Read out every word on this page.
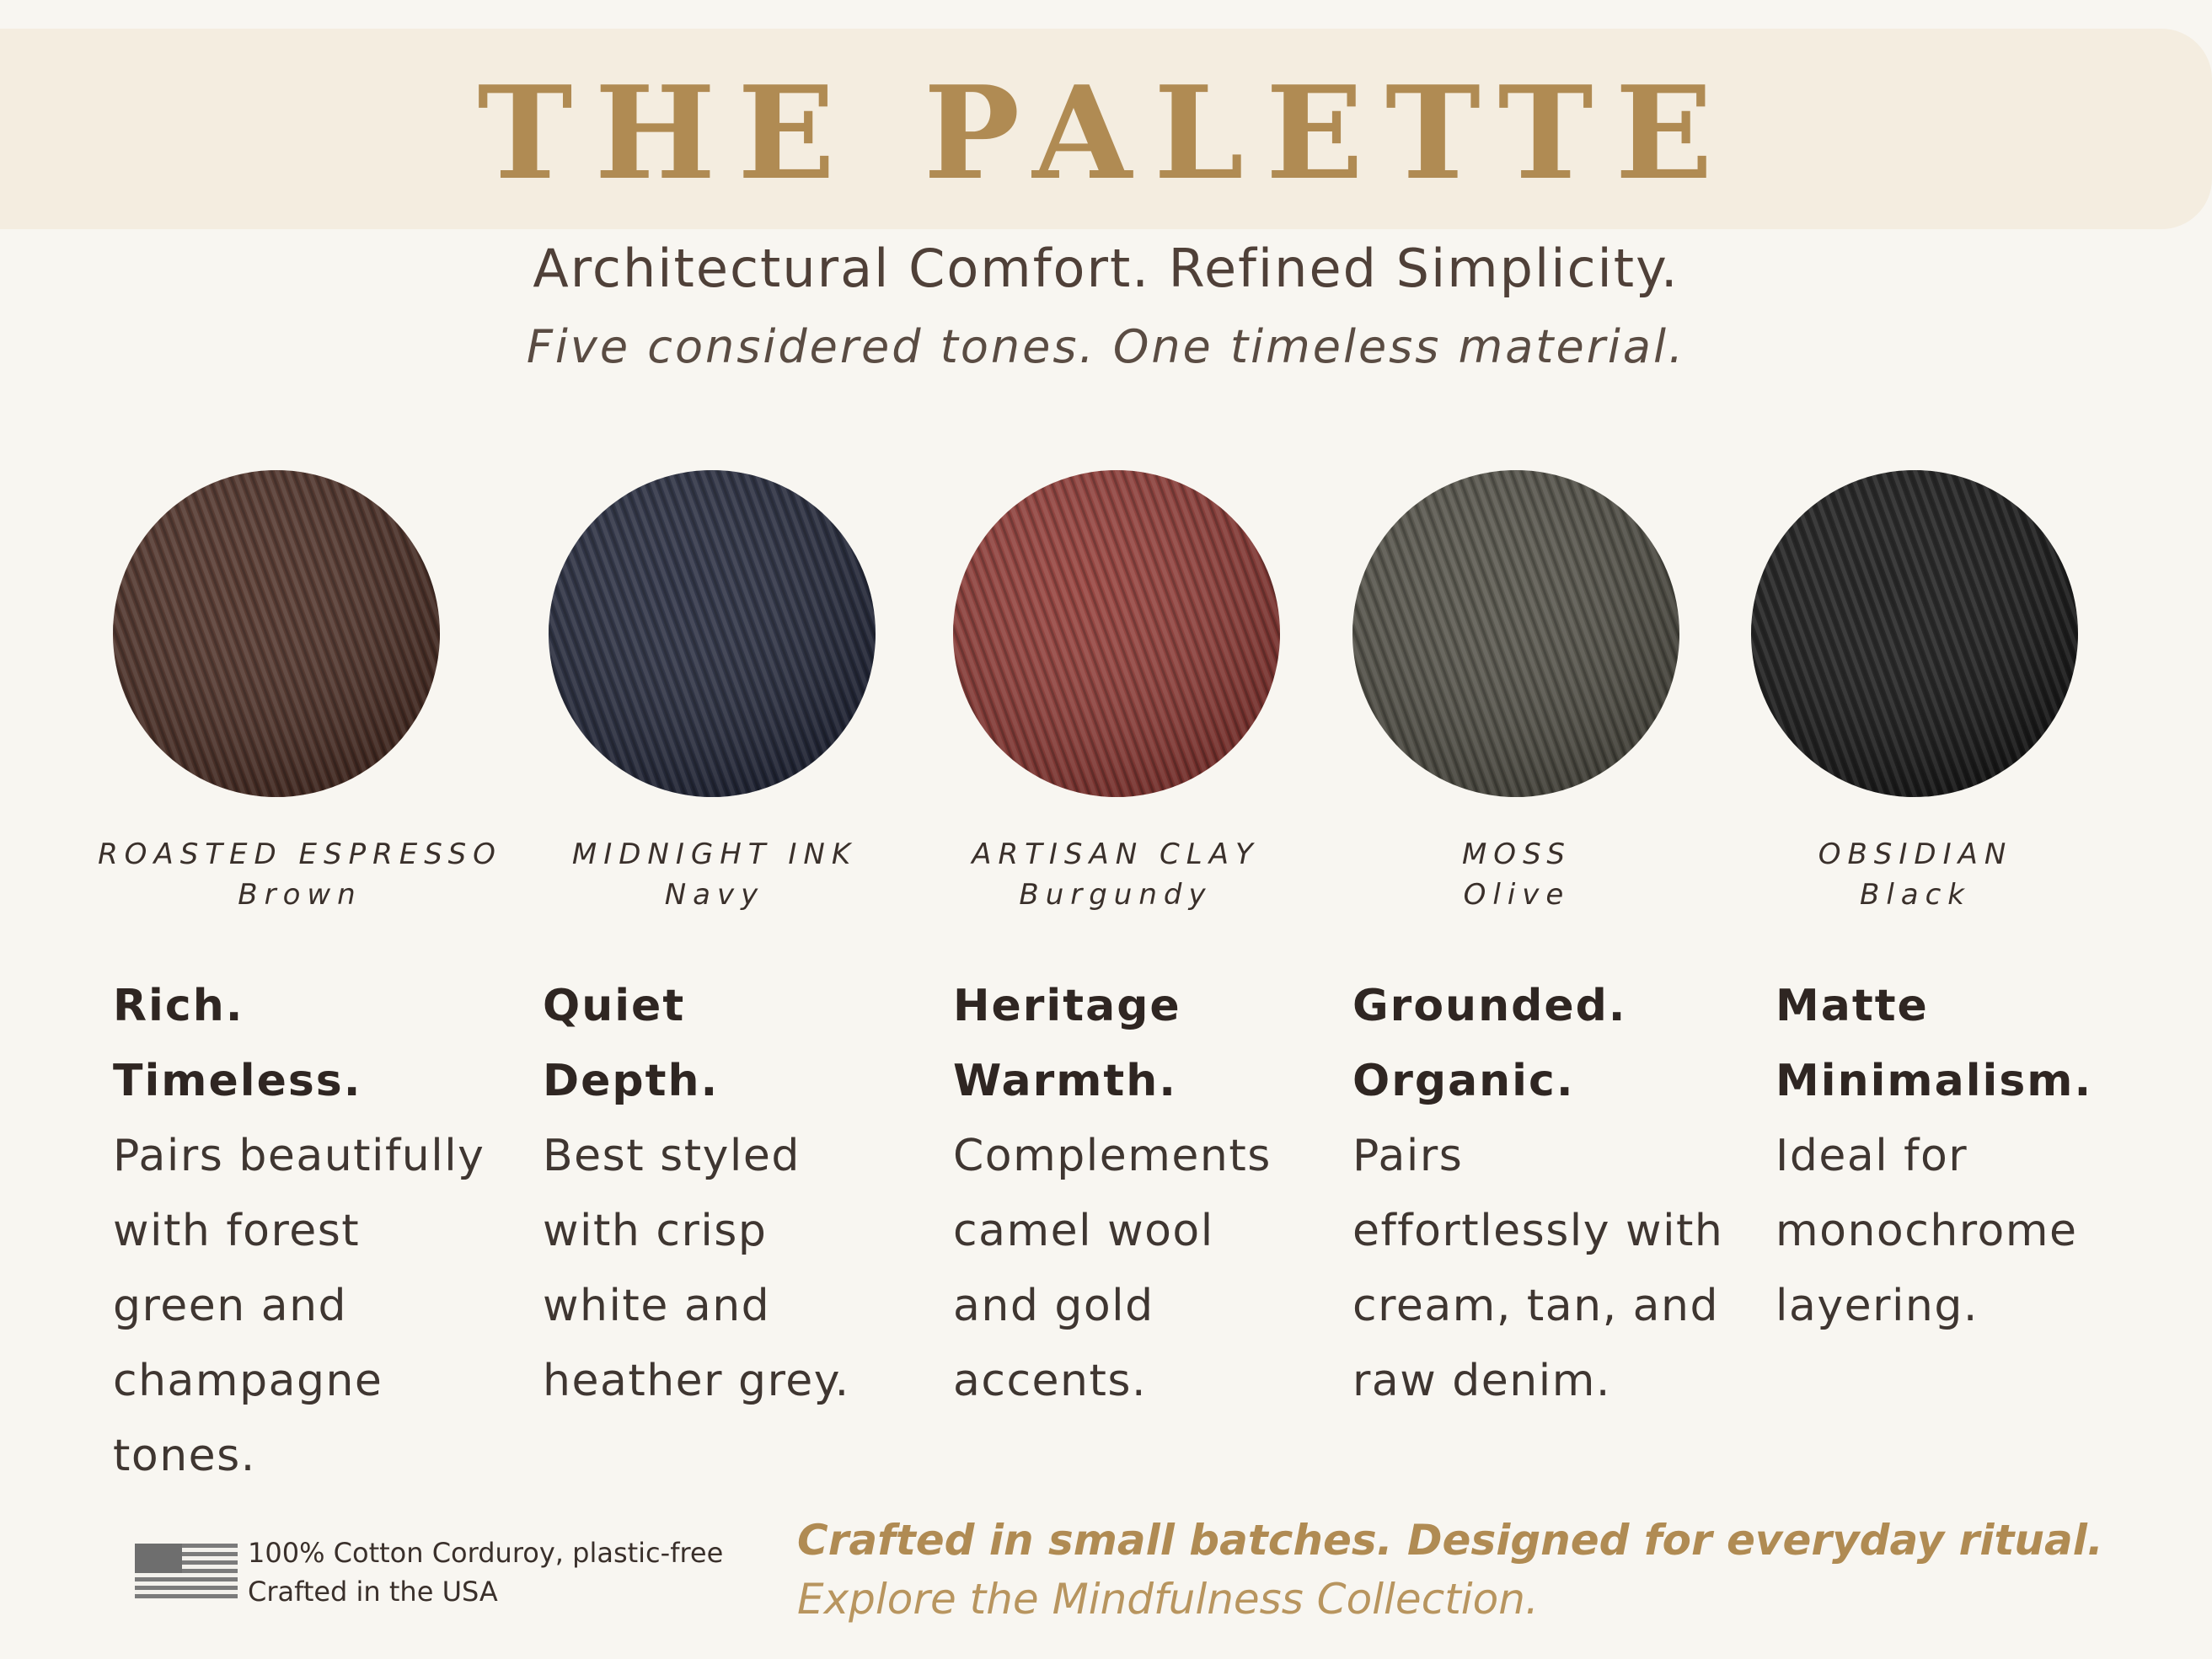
THE PALETTE
Architectural Comfort. Refined Simplicity.
Five considered tones. One timeless material.
ROASTED ESPRESSO
Brown
MIDNIGHT INK
Navy
ARTISAN CLAY
Burgundy
MOSS
Olive
OBSIDIAN
Black
Rich.
Timeless.
Pairs beautifully
with forest
green and
champagne
tones.
Quiet
Depth.
Best styled
with crisp
white and
heather grey.
Heritage
Warmth.
Complements
camel wool
and gold
accents.
Grounded.
Organic.
Pairs
effortlessly with
cream, tan, and
raw denim.
Matte
Minimalism.
Ideal for
monochrome
layering.
100% Cotton Corduroy, plastic-free
Crafted in the USA
Crafted in small batches. Designed for everyday ritual.
Explore the Mindfulness Collection.
